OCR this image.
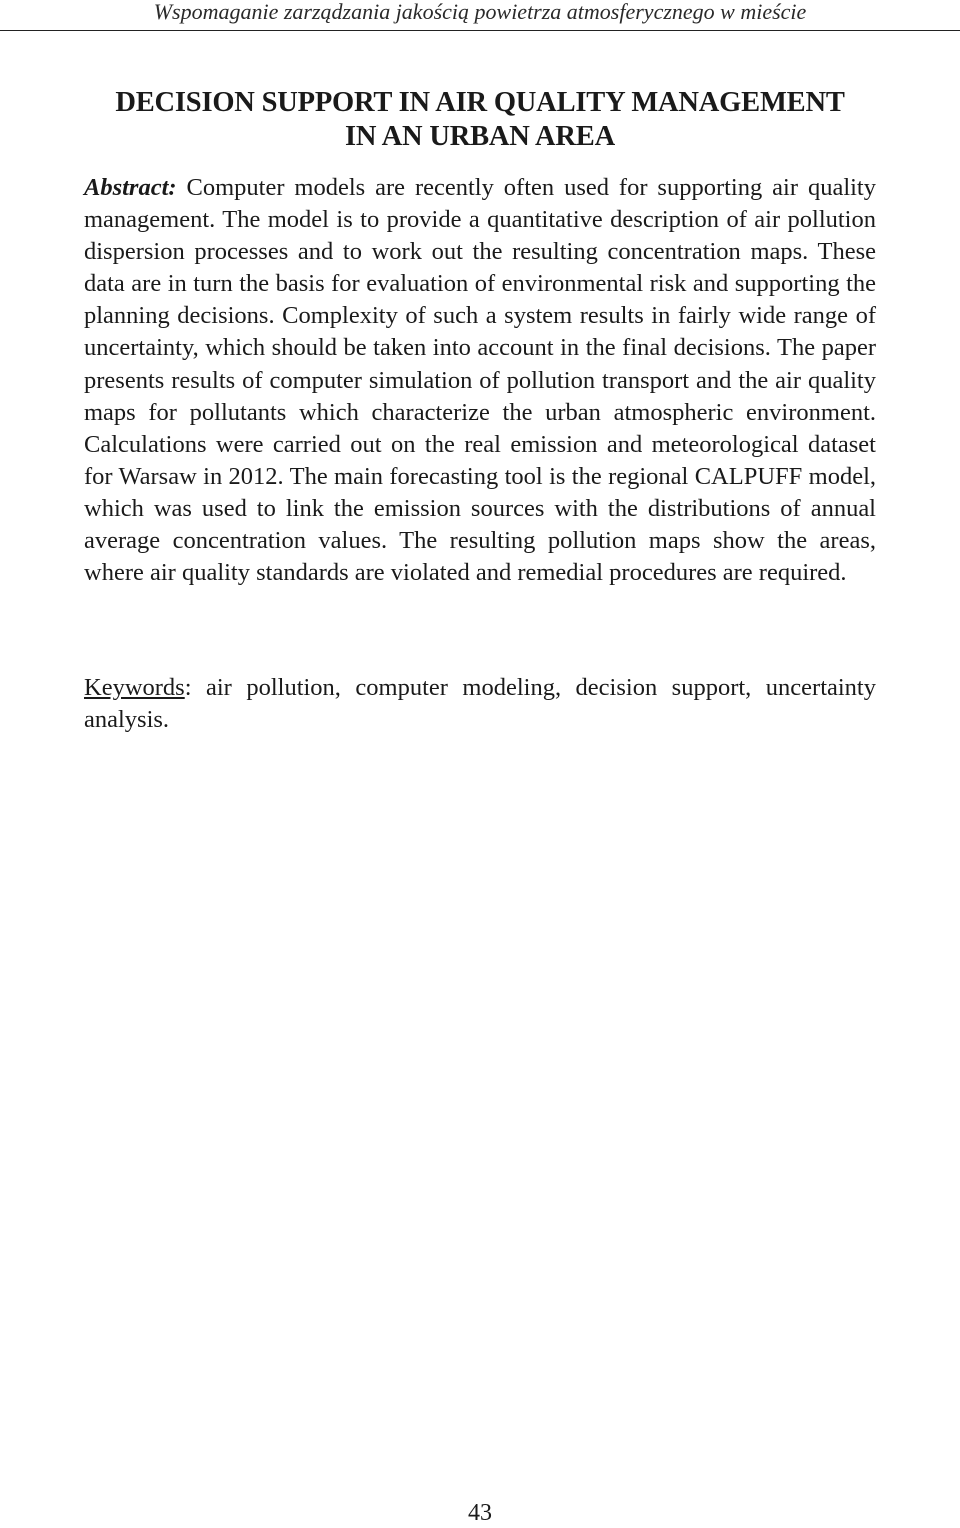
Wspomaganie zarządzania jakością powietrza atmosferycznego w mieście
DECISION SUPPORT IN AIR QUALITY MANAGEMENT
IN AN URBAN AREA

Abstract: Computer models are recently often used for supporting air quality management. The model is to provide a quantitative description of air pollution dispersion processes and to work out the resulting concentration maps. These data are in turn the basis for evaluation of environmental risk and supporting the planning decisions. Complexity of such a system results in fairly wide range of uncertainty, which should be taken into account in the final decisions. The paper presents results of computer simulation of pollution transport and the air quality maps for pollutants which characterize the urban atmospheric environment. Calculations were carried out on the real emission and meteorological dataset for Warsaw in 2012. The main forecasting tool is the regional CALPUFF model, which was used to link the emission sources with the distributions of annual average concentration values. The resulting pollution maps show the areas, where air quality standards are violated and remedial procedures are required.

Keywords: air pollution, computer modeling, decision support, uncertainty analysis.

43
